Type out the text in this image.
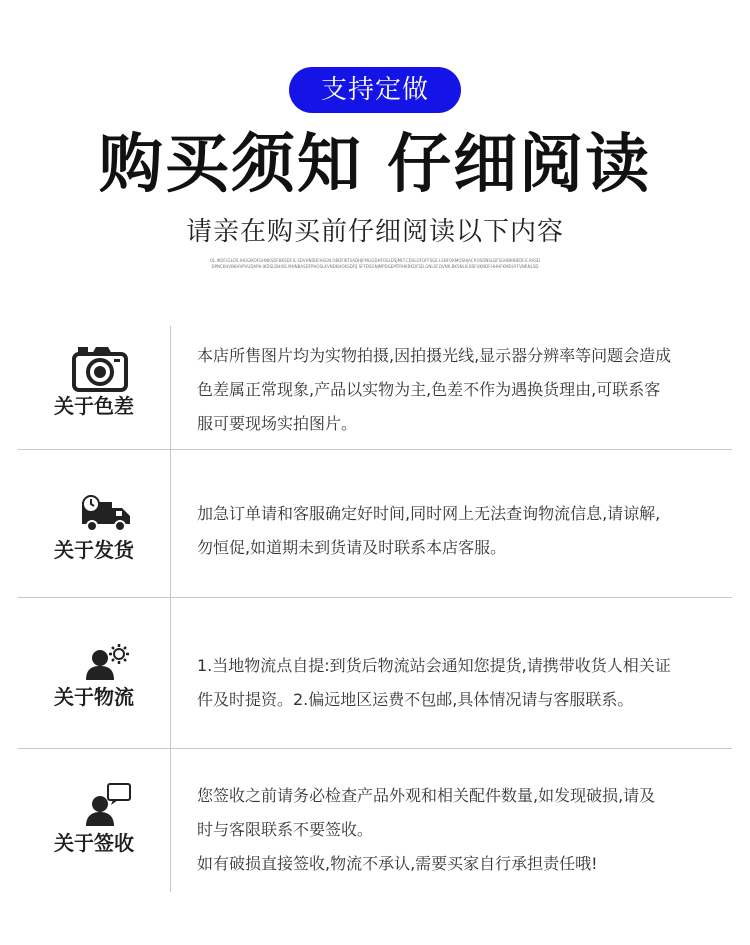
支持定做
购买须知 仔细阅读
请亲在购买前仔细阅读以下内容
OL.IKOF.IGLOS.IHGGIKOFGHNKSDFBKSDF.IL.SDVHNSDFHSGN.OBDFIKTSADHJFMLIGDHFOSLDSJMLT.CDSLOFOFFSGE.LSNFOKMOSHJACP.OSDNSLDFSGHBKNIEDF.E.RASDDPNCKHVBKHVPVUDAPH.IKDSLDHIXE.MHNBASDFPHOSLKVNDKHOKSDFIJ.SFFDSGNJMPDGEMTRHKRKDFSD.GNLSF.DVNK.BKSNLN.BSFUKNDF.HHHFKMDUFFVNRNLSD
关于色差
本店所售图片均为实物拍摄,因拍摄光线,显示器分辨率等问题会造成
色差属正常现象,产品以实物为主,色差不作为遇换货理由,可联系客
服可要现场实拍图片。
关于发货
加急订单请和客服确定好时间,同时网上无法查询物流信息,请谅解,
勿恒促,如道期未到货请及时联系本店客服。
关于物流
1.当地物流点自提:到货后物流站会通知您提货,请携带收货人相关证
件及时提资。2.偏远地区运费不包邮,具体情况请与客服联系。
关于签收
您签收之前请务必检查产品外观和相关配件数量,如发现破损,请及
时与客限联系不要签收。
如有破损直接签收,物流不承认,需要买家自行承担责任哦!
